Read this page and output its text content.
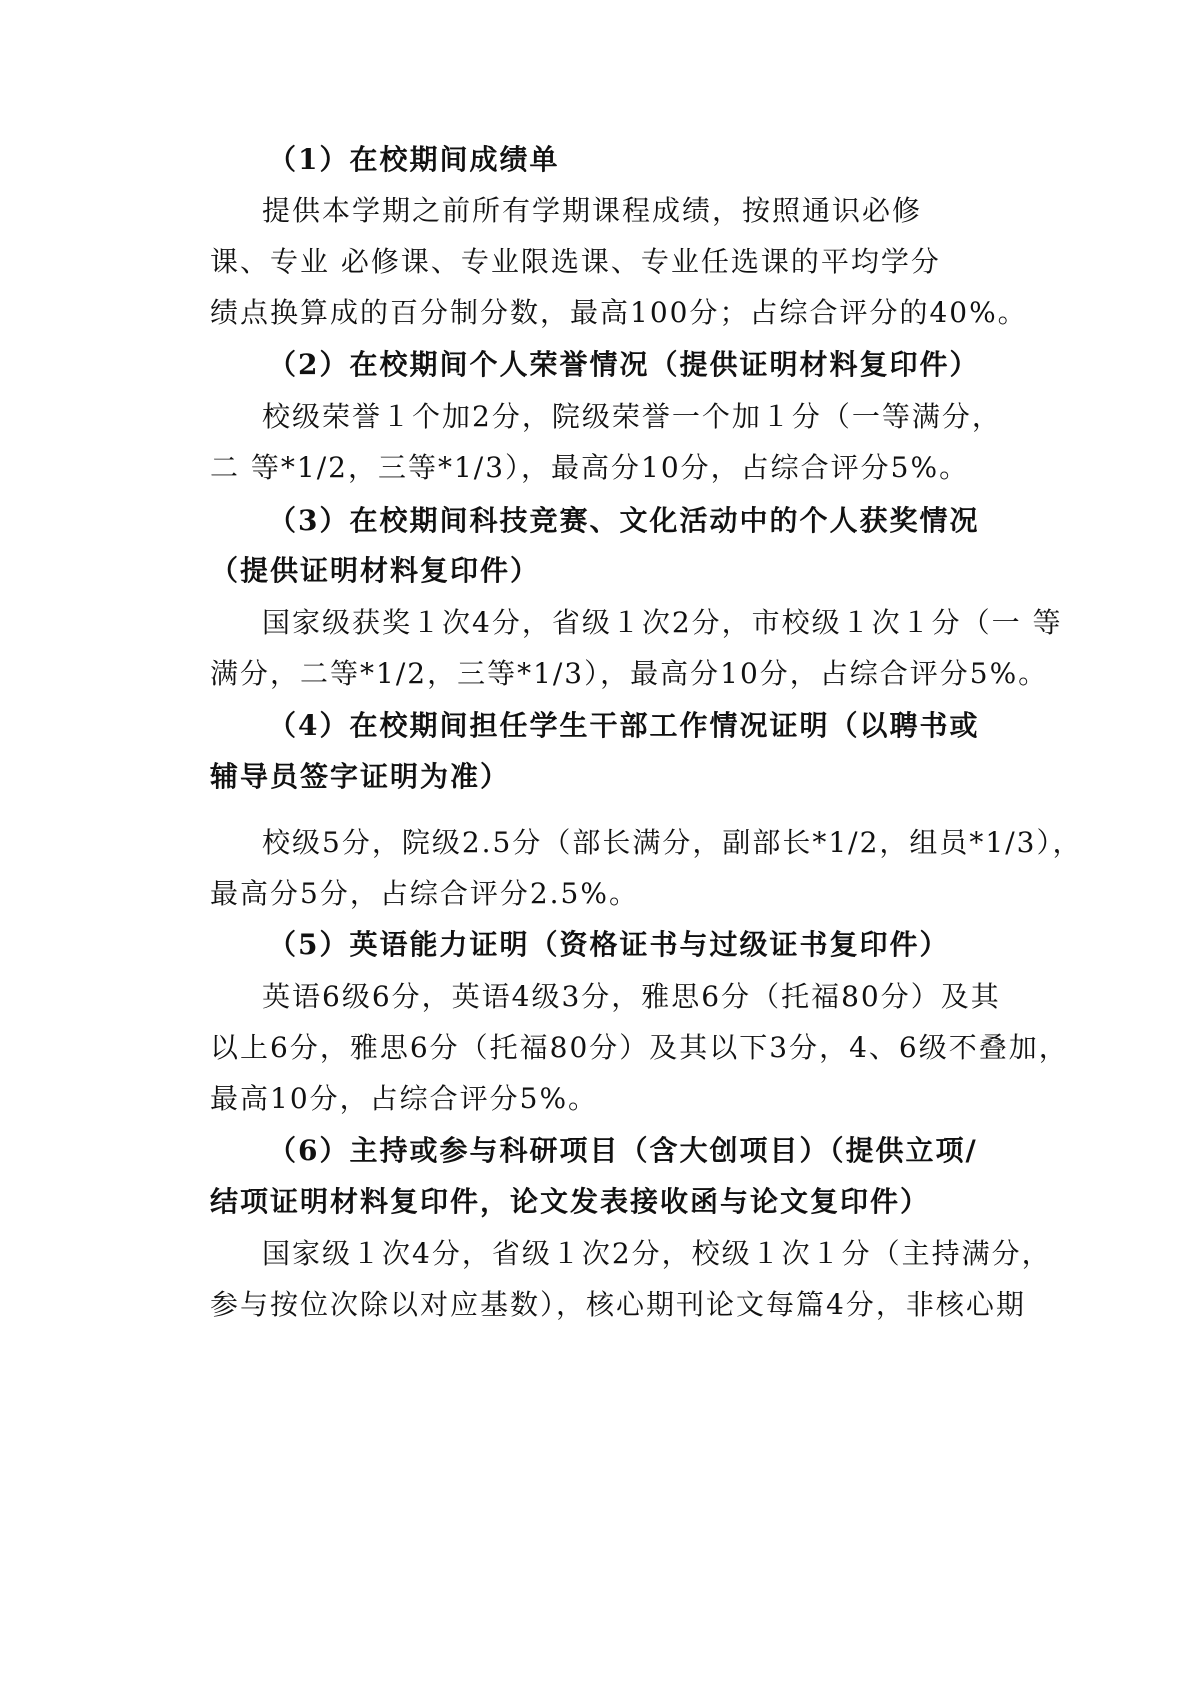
（1）在校期间成绩单
提供本学期之前所有学期课程成绩，按照通识必修
课、专业 必修课、专业限选课、专业任选课的平均学分
绩点换算成的百分制分数，最高100分；占综合评分的40%。
（2）在校期间个人荣誉情况（提供证明材料复印件）
校级荣誉１个加2分，院级荣誉一个加１分（一等满分，
二 等*1/2，三等*1/3），最高分10分，占综合评分5%。
（3）在校期间科技竞赛、文化活动中的个人获奖情况
（提供证明材料复印件）
国家级获奖１次4分，省级１次2分，市校级１次１分（一 等
满分，二等*1/2，三等*1/3），最高分10分，占综合评分5%。
（4）在校期间担任学生干部工作情况证明（以聘书或
辅导员签字证明为准）
校级5分，院级2.5分（部长满分，副部长*1/2，组员*1/3），
最高分5分，占综合评分2.5%。
（5）英语能力证明（资格证书与过级证书复印件）
英语6级6分，英语4级3分，雅思6分（托福80分）及其
以上6分，雅思6分（托福80分）及其以下3分，4、6级不叠加，
最高10分，占综合评分5%。
（6）主持或参与科研项目（含大创项目）（提供立项/
结项证明材料复印件，论文发表接收函与论文复印件）
国家级１次4分，省级１次2分，校级１次１分（主持满分，
参与按位次除以对应基数），核心期刊论文每篇4分，非核心期
